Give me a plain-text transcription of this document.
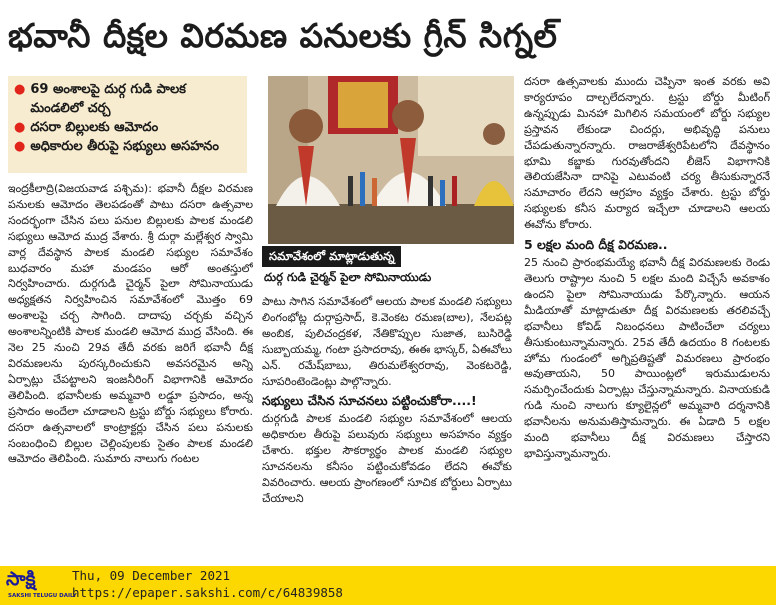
భవానీ దీక్షల విరమణ పనులకు గ్రీన్ సిగ్నల్
● 69 అంశాలపై దుర్గ గుడి పాలక మండలిలో చర్చ
● దసరా బిల్లులకు ఆమోదం
● అధికారుల తీరుపై సభ్యులు అసహనం

ఇంద్రకీలాద్రి(విజయవాడ పశ్చిమ): భవానీ దీక్షల విరమణ పనులకు ఆమోదం తెలపడంతో పాటు దసరా ఉత్సవాల సందర్భంగా చేసిన పలు పనుల బిల్లులకు పాలక మండలి సభ్యులు ఆమోద ముద్ర వేశారు. శ్రీ దుర్గా మల్లేశ్వర స్వామి వార్ల దేవస్థాన పాలక మండలి సభ్యుల సమావేశం బుధవారం మహా మండపం ఆరో అంతస్తులో నిర్వహించారు. దుర్గగుడి చైర్మన్ పైలా సోమినాయుడు అధ్యక్షతన నిర్వహించిన సమావేశంలో మొత్తం 69 అంశాలపై చర్చ సాగింది. దాదాపు చర్చకు వచ్చిన అంశాలన్నింటికి పాలక మండలి ఆమోద ముద్ర వేసింది. ఈ నెల 25 నుంచి 29వ తేదీ వరకు జరిగే భవానీ దీక్ష విరమణలను పురస్కరించుకుని అవసరమైన అన్ని ఏర్పాట్లు చేపట్టాలని ఇంజనీరింగ్ విభాగానికి ఆమోదం తెలిపింది. భవానీలకు అమ్మవారి లడ్డూ ప్రసాదం, అన్న ప్రసాదం అందేలా చూడాలని ట్రస్టు బోర్డు సభ్యులు కోరారు. దసరా ఉత్సవాలలో కాంట్రాక్టర్లు చేసిన పలు పనులకు సంబంధించి బిల్లుల చెల్లింపులకు సైతం పాలక మండలి ఆమోదం తెలిపింది. సుమారు నాలుగు గంటల

సమావేశంలో మాట్లాడుతున్న
దుర్గ గుడి చైర్మన్ పైలా సోమినాయుడు

పాటు సాగిన సమావేశంలో ఆలయ పాలక మండలి సభ్యులు లింగంభోట్ల దుర్గాప్రసాద్, కె.వెంకట రమణ(బాల), నేలపట్ల అంబిక, పులిచంద్రకళ, నేతికొప్పుల సుజాత, బుసిరెడ్డి సుబ్బాయమ్మ, గంటా ప్రసాదరావు, ఈఈ భాస్కర్, ఏఈవోలు ఎన్. రమేష్‌బాబు, తిరుమలేశ్వరరావు, వెంకటరెడ్డి, సూపరింటెండెంట్లు పాల్గొన్నారు.

సభ్యులు చేసిన సూచనలు పట్టించుకోరా....!

దుర్గగుడి పాలక మండలి సభ్యుల సమావేశంలో ఆలయ అధికారుల తీరుపై పలువురు సభ్యులు అసహనం వ్యక్తం చేశారు. భక్తుల సౌకర్యార్థం పాలక మండలి సభ్యుల సూచనలను కనీసం పట్టించుకోవడం లేదని ఈవోకు వివరించారు. ఆలయ ప్రాంగణంలో సూచిక బోర్డులు ఏర్పాటు చేయాలని

దసరా ఉత్సవాలకు ముందు చెప్పినా ఇంత వరకు అవి కార్యరూపం దాల్చలేదన్నారు. ట్రస్టు బోర్డు మీటింగ్ ఉన్నప్పుడు మినహా మిగిలిన సమయంలో బోర్డు సభ్యుల ప్రస్తావన లేకుండా చిందర్లు, అభివృద్ధి పనులు చేపడుతున్నారన్నారు. రాజరాజేశ్వరిపేటలోని దేవస్థానం భూమి కబ్జాకు గురవుతోందని లీజెస్ విభాగానికి తెలియజేసినా దానిపై ఎటువంటి చర్య తీసుకున్నారనే సమాచారం లేదని ఆగ్రహం వ్యక్తం చేశారు. ట్రస్టు బోర్డు సభ్యులకు కనీస మర్యాద ఇచ్చేలా చూడాలని ఆలయ ఈవోను కోరారు.

5 లక్షల మంది దీక్ష విరమణ..

25 నుంచి ప్రారంభమయ్యే భవానీ దీక్ష విరమణలకు రెండు తెలుగు రాష్ట్రాల నుంచి 5 లక్షల మంది విచ్చేసే అవకాశం ఉందని పైలా సోమినాయుడు పేర్కొన్నారు. ఆయన మీడియాతో మాట్లాడుతూ దీక్ష విరమణలకు తరలివచ్చే భవానీలు కోవిడ్ నిబంధనలు పాటించేలా చర్యలు తీసుకుంటున్నామన్నారు. 25వ తేదీ ఉదయం 8 గంటలకు హోమ గుండంలో అగ్నిప్రతిష్టతో విమరణలు ప్రారంభం అవుతాయని, 50 పాయింట్లలో ఇరుముడులను సమర్పించేందుకు ఏర్పాట్లు చేస్తున్నామన్నారు. వినాయకుడి గుడి నుంచి నాలుగు క్యూలైన్లలో అమ్మవారి దర్శనానికి భవానీలను అనుమతిస్తామన్నారు. ఈ ఏడాది 5 లక్షల మంది భవానీలు దీక్ష విరమణలు చేస్తారని భావిస్తున్నామన్నారు.

సాక్షి
SAKSHI TELUGU DAILY
Thu, 09 December 2021
https://epaper.sakshi.com/c/64839858
